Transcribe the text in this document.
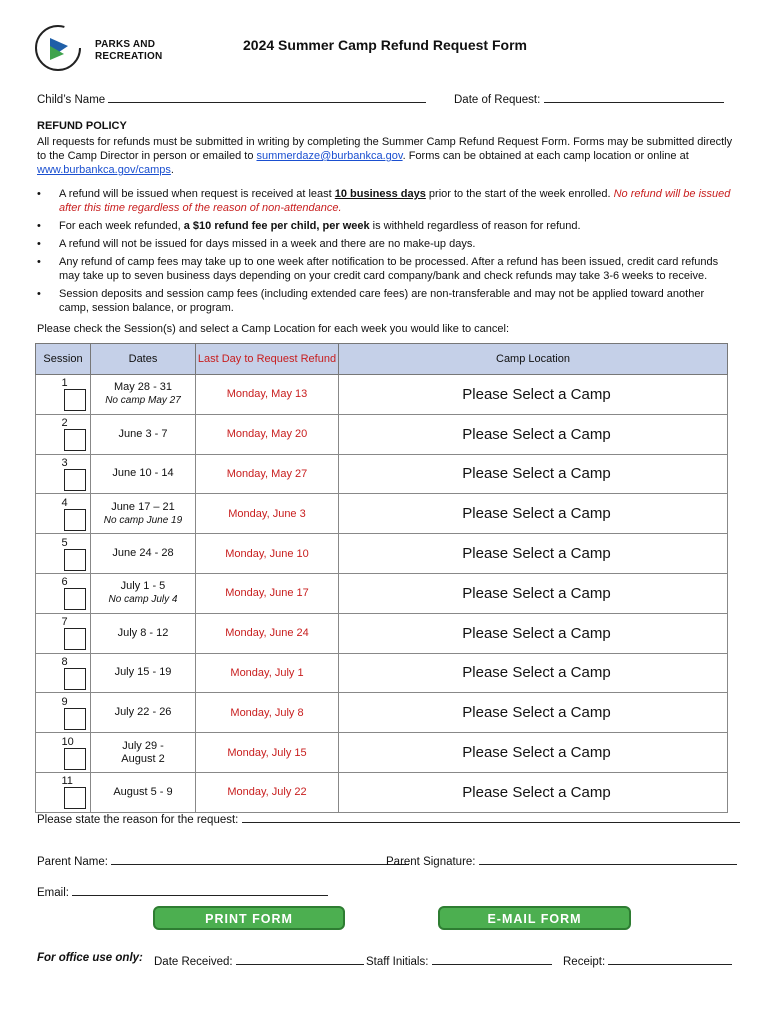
PARKS AND
RECREATION
2024 Summer Camp Refund Request Form
Child’s Name	Date of Request:
REFUND POLICY
All requests for refunds must be submitted in writing by completing the Summer Camp Refund Request Form. Forms may be submitted directly to the Camp Director in person or emailed to summerdaze@burbankca.gov. Forms can be obtained at each camp location or online at www.burbankca.gov/camps.
• A refund will be issued when request is received at least 10 business days prior to the start of the week enrolled. No refund will be issued after this time regardless of the reason of non-attendance.
• For each week refunded, a $10 refund fee per child, per week is withheld regardless of reason for refund.
• A refund will not be issued for days missed in a week and there are no make-up days.
• Any refund of camp fees may take up to one week after notification to be processed. After a refund has been issued, credit card refunds may take up to seven business days depending on your credit card company/bank and check refunds may take 3-6 weeks to receive.
• Session deposits and session camp fees (including extended care fees) are non-transferable and may not be applied toward another camp, session balance, or program.
Please check the Session(s) and select a Camp Location for each week you would like to cancel:
Session	Dates	Last Day to Request Refund	Camp Location
1	May 28 - 31
No camp May 27	Monday, May 13	Please Select a Camp
2	June 3 - 7	Monday, May 20	Please Select a Camp
3	June 10 - 14	Monday, May 27	Please Select a Camp
4	June 17 – 21
No camp June 19	Monday, June 3	Please Select a Camp
5	June 24 - 28	Monday, June 10	Please Select a Camp
6	July 1 - 5
No camp July 4	Monday, June 17	Please Select a Camp
7	July 8 - 12	Monday, June 24	Please Select a Camp
8	July 15 - 19	Monday, July 1	Please Select a Camp
9	July 22 - 26	Monday, July 8	Please Select a Camp
10	July 29 -
August 2	Monday, July 15	Please Select a Camp
11	August 5 - 9	Monday, July 22	Please Select a Camp
Please state the reason for the request:
Parent Name:	Parent Signature:
Email:
PRINT FORM	E-MAIL FORM
For office use only: Date Received:	Staff Initials:	Receipt:
